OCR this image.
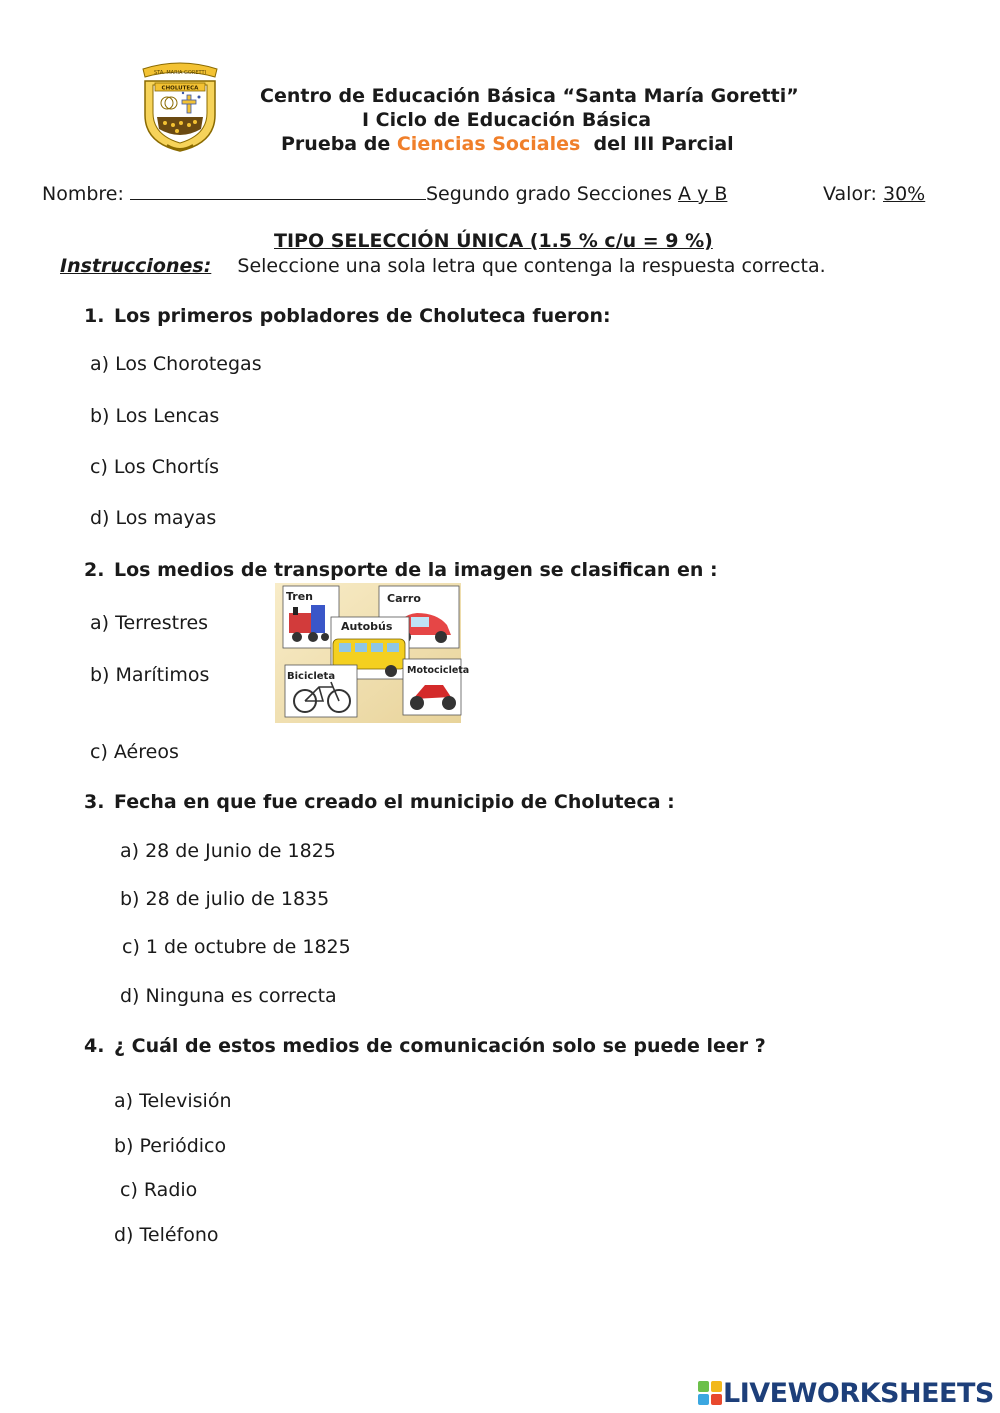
STA. MARIA GORETTI
CHOLUTECA	Centro de Educación Básica “Santa María Goretti”
I Ciclo de Educación Básica
Prueba de Ciencias Sociales del III Parcial
Nombre:	Segundo grado Secciones A y B	Valor: 30%
TIPO SELECCIÓN ÚNICA (1.5 % c/u = 9 %)
Instrucciones: Seleccione una sola letra que contenga la respuesta correcta.
1. Los primeros pobladores de Choluteca fueron:
a) Los Chorotegas
b) Los Lencas
c) Los Chortís
d) Los mayas
2. Los medios de transporte de la imagen se clasifican en :
a) Terrestres
b) Marítimos
c) Aéreos
Tren	Carro
Autobús
Bicicleta
Motocicleta
3. Fecha en que fue creado el municipio de Choluteca :
a) 28 de Junio de 1825
b) 28 de julio de 1835
c) 1 de octubre de 1825
d) Ninguna es correcta
4. ¿ Cuál de estos medios de comunicación solo se puede leer ?
a) Televisión
b) Periódico
c) Radio
d) Teléfono
LIVEWORKSHEETS
